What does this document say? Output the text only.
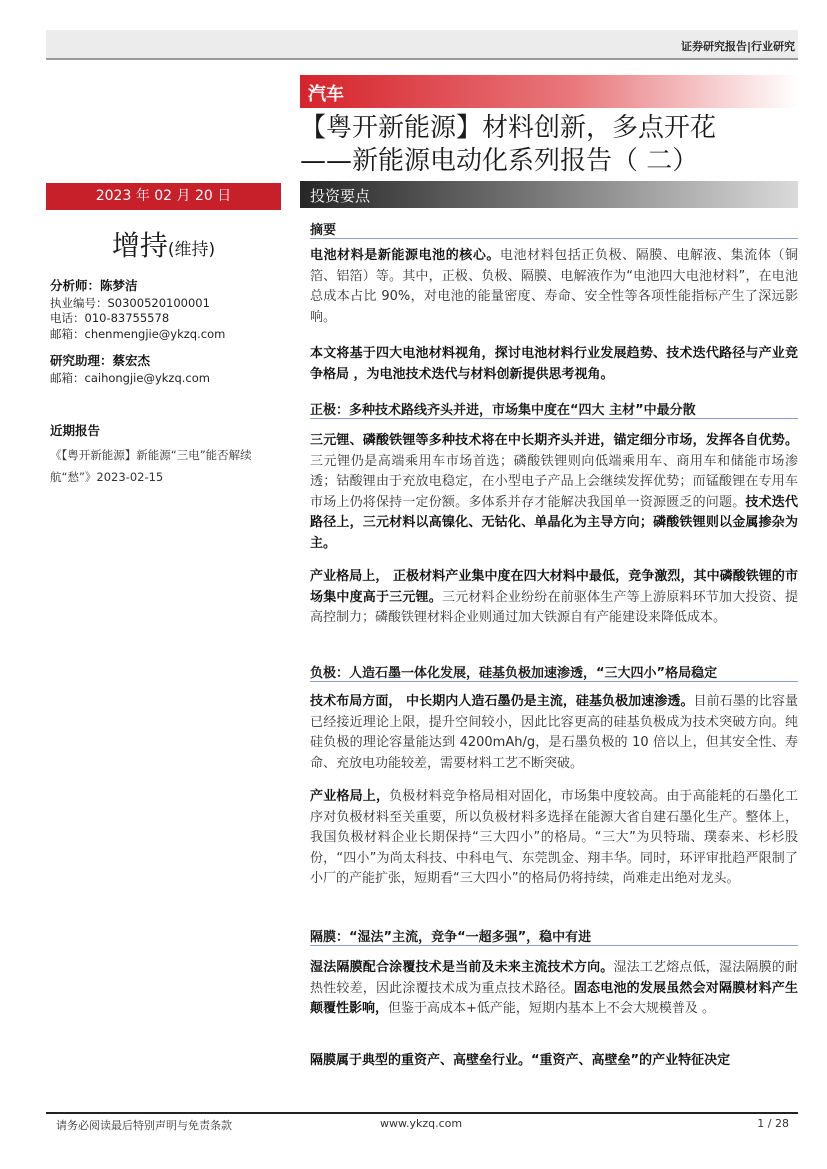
证券研究报告|行业研究
汽车
【粤开新能源】材料创新，多点开花
——新能源电动化系列报告（ 二）
2023 年 02 月 20 日
增持(维持)
分析师：陈梦洁
执业编号：S0300520100001
电话：010-83755578
邮箱：chenmengjie@ykzq.com
研究助理：蔡宏杰
邮箱：caihongjie@ykzq.com
近期报告
《【粤开新能源】新能源“三电”能否解续航“愁”》2023-02-15
投资要点
摘要
电池材料是新能源电池的核心。电池材料包括正负极、隔膜、电解液、集流体（铜箔、铝箔）等。其中，正极、负极、隔膜、电解液作为“电池四大电池材料”，在电池总成本占比 90%，对电池的能量密度、寿命、安全性等各项性能指标产生了深远影响。
本文将基于四大电池材料视角，探讨电池材料行业发展趋势、技术迭代路径与产业竞争格局 ，为电池技术迭代与材料创新提供思考视角。
正极：多种技术路线齐头并进，市场集中度在“四大 主材”中最分散
三元锂、磷酸铁锂等多种技术将在中长期齐头并进，锚定细分市场，发挥各自优势。三元锂仍是高端乘用车市场首选；磷酸铁锂则向低端乘用车、商用车和储能市场渗透；钴酸锂由于充放电稳定，在小型电子产品上会继续发挥优势；而锰酸锂在专用车市场上仍将保持一定份额。多体系并存才能解决我国单一资源匮乏的问题。技术迭代路径上，三元材料以高镍化、无钴化、单晶化为主导方向；磷酸铁锂则以金属掺杂为主。
产业格局上， 正极材料产业集中度在四大材料中最低，竞争激烈，其中磷酸铁锂的市场集中度高于三元锂。三元材料企业纷纷在前驱体生产等上游原料环节加大投资、提高控制力；磷酸铁锂材料企业则通过加大铁源自有产能建设来降低成本。
负极：人造石墨一体化发展，硅基负极加速渗透，“三大四小”格局稳定
技术布局方面， 中长期内人造石墨仍是主流，硅基负极加速渗透。目前石墨的比容量已经接近理论上限，提升空间较小，因此比容更高的硅基负极成为技术突破方向。纯硅负极的理论容量能达到 4200mAh/g，是石墨负极的 10 倍以上，但其安全性、寿命、充放电功能较差，需要材料工艺不断突破。
产业格局上，负极材料竞争格局相对固化，市场集中度较高。由于高能耗的石墨化工序对负极材料至关重要，所以负极材料多选择在能源大省自建石墨化生产。整体上，我国负极材料企业长期保持“三大四小”的格局。“三大”为贝特瑞、璞泰来、杉杉股份，“四小”为尚太科技、中科电气、东莞凯金、翔丰华。同时，环评审批趋严限制了小厂的产能扩张，短期看“三大四小”的格局仍将持续，尚难走出绝对龙头。
隔膜：“湿法”主流，竞争“一超多强”，稳中有进
湿法隔膜配合涂覆技术是当前及未来主流技术方向。湿法工艺熔点低，湿法隔膜的耐热性较差，因此涂覆技术成为重点技术路径。固态电池的发展虽然会对隔膜材料产生颠覆性影响，但鉴于高成本+低产能，短期内基本上不会大规模普及 。
隔膜属于典型的重资产、高壁垒行业。“重资产、高壁垒”的产业特征决定
请务必阅读最后特别声明与免责条款	www.ykzq.com	1 / 28
